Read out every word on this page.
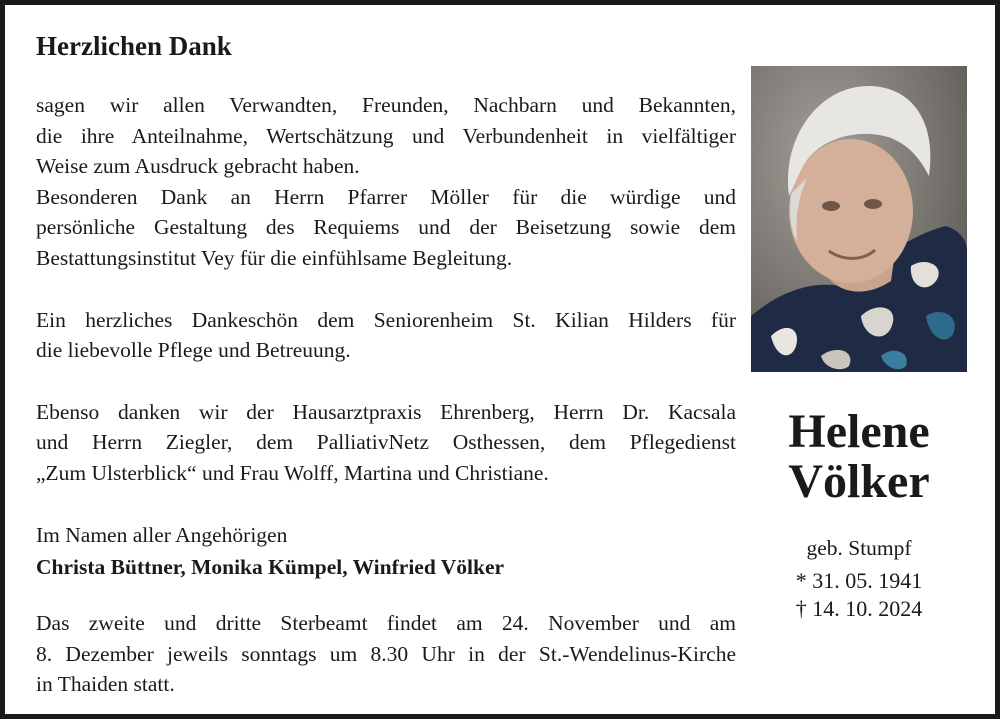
Herzlichen Dank
sagen wir allen Verwandten, Freunden, Nachbarn und Bekannten,
die ihre Anteilnahme, Wertschätzung und Verbundenheit in vielfältiger
Weise zum Ausdruck gebracht haben.
Besonderen Dank an Herrn Pfarrer Möller für die würdige und
persönliche Gestaltung des Requiems und der Beisetzung sowie dem
Bestattungsinstitut Vey für die einfühlsame Begleitung.
Ein herzliches Dankeschön dem Seniorenheim St. Kilian Hilders für
die liebevolle Pflege und Betreuung.
Ebenso danken wir der Hausarztpraxis Ehrenberg, Herrn Dr. Kacsala
und Herrn Ziegler, dem PalliativNetz Osthessen, dem Pflegedienst
„Zum Ulsterblick“ und Frau Wolff, Martina und Christiane.
Im Namen aller Angehörigen

Christa Büttner, Monika Kümpel, Winfried Völker

Das zweite und dritte Sterbeamt findet am 24. November und am
8. Dezember jeweils sonntags um 8.30 Uhr in der St.-Wendelinus-Kirche
in Thaiden statt.
Helene
Völker
geb. Stumpf
* 31. 05. 1941
† 14. 10. 2024
